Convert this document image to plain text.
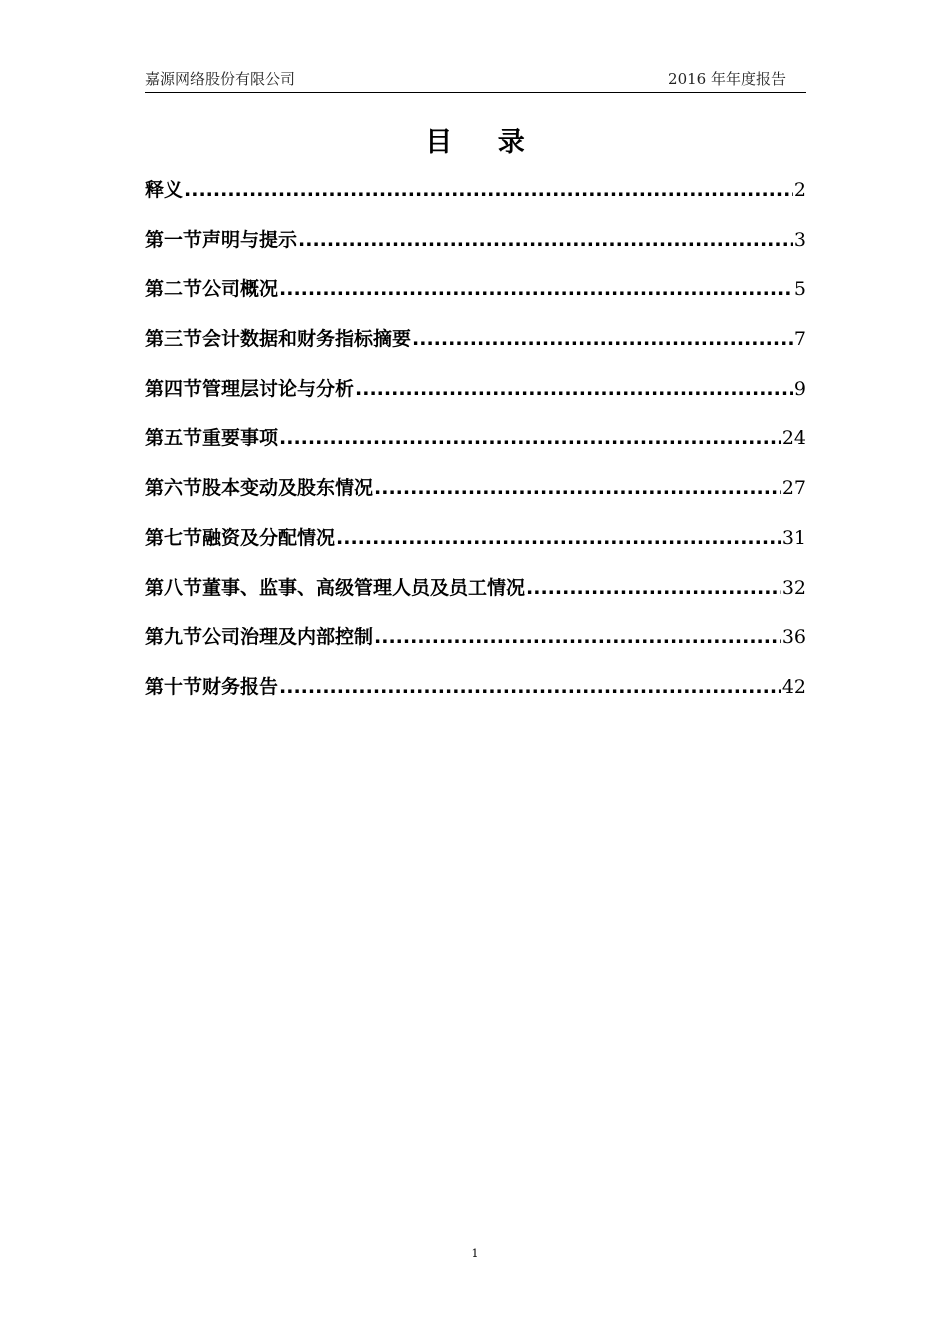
嘉源网络股份有限公司	2016 年年度报告
目 录
释义 .....	2
第一节声明与提示 .....	3
第二节公司概况 .....	5
第三节会计数据和财务指标摘要 .....	7
第四节管理层讨论与分析 .....	9
第五节重要事项 .....	24
第六节股本变动及股东情况 .....	27
第七节融资及分配情况 .....	31
第八节董事、监事、高级管理人员及员工情况 .....	32
第九节公司治理及内部控制 .....	36
第十节财务报告 .....	42
1
